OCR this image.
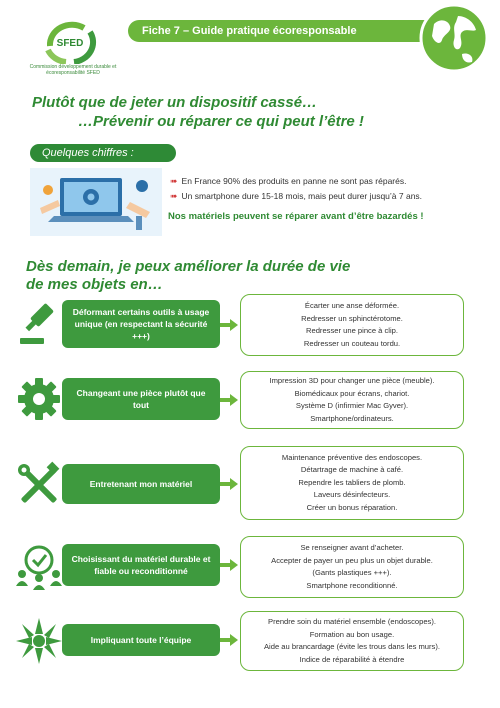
SFED
Commission développement durable et écoresponsabilité SFED
Fiche 7 – Guide pratique écoresponsable
Plutôt que de jeter un dispositif cassé…
…Prévenir ou réparer ce qui peut l’être !
Quelques chiffres :
➠ En France 90% des produits en panne ne sont pas réparés.
➠ Un smartphone dure 15-18 mois, mais peut durer jusqu’à 7 ans.
Nos matériels peuvent se réparer avant d’être bazardés !
Dès demain, je peux améliorer la durée de vie
de mes objets en…
Déformant certains outils à usage unique (en respectant la sécurité +++)
Écarter une anse déformée.
Redresser un sphinctérotome.
Redresser une pince à clip.
Redresser un couteau tordu.
Changeant une pièce plutôt que tout
Impression 3D pour changer une pièce (meuble).
Biomédicaux pour écrans, chariot.
Système D (infirmier Mac Gyver).
Smartphone/ordinateurs.
Entretenant mon matériel
Maintenance préventive des endoscopes.
Détartrage de machine à café.
Rependre les tabliers de plomb.
Laveurs désinfecteurs.
Créer un bonus réparation.
Choisissant du matériel durable et fiable ou reconditionné
Se renseigner avant d’acheter.
Accepter de payer un peu plus un objet durable.
(Gants plastiques +++).
Smartphone reconditionné.
Impliquant toute l’équipe
Prendre soin du matériel ensemble (endoscopes).
Formation au bon usage.
Aide au brancardage (évite les trous dans les murs).
Indice de réparabilité à étendre
